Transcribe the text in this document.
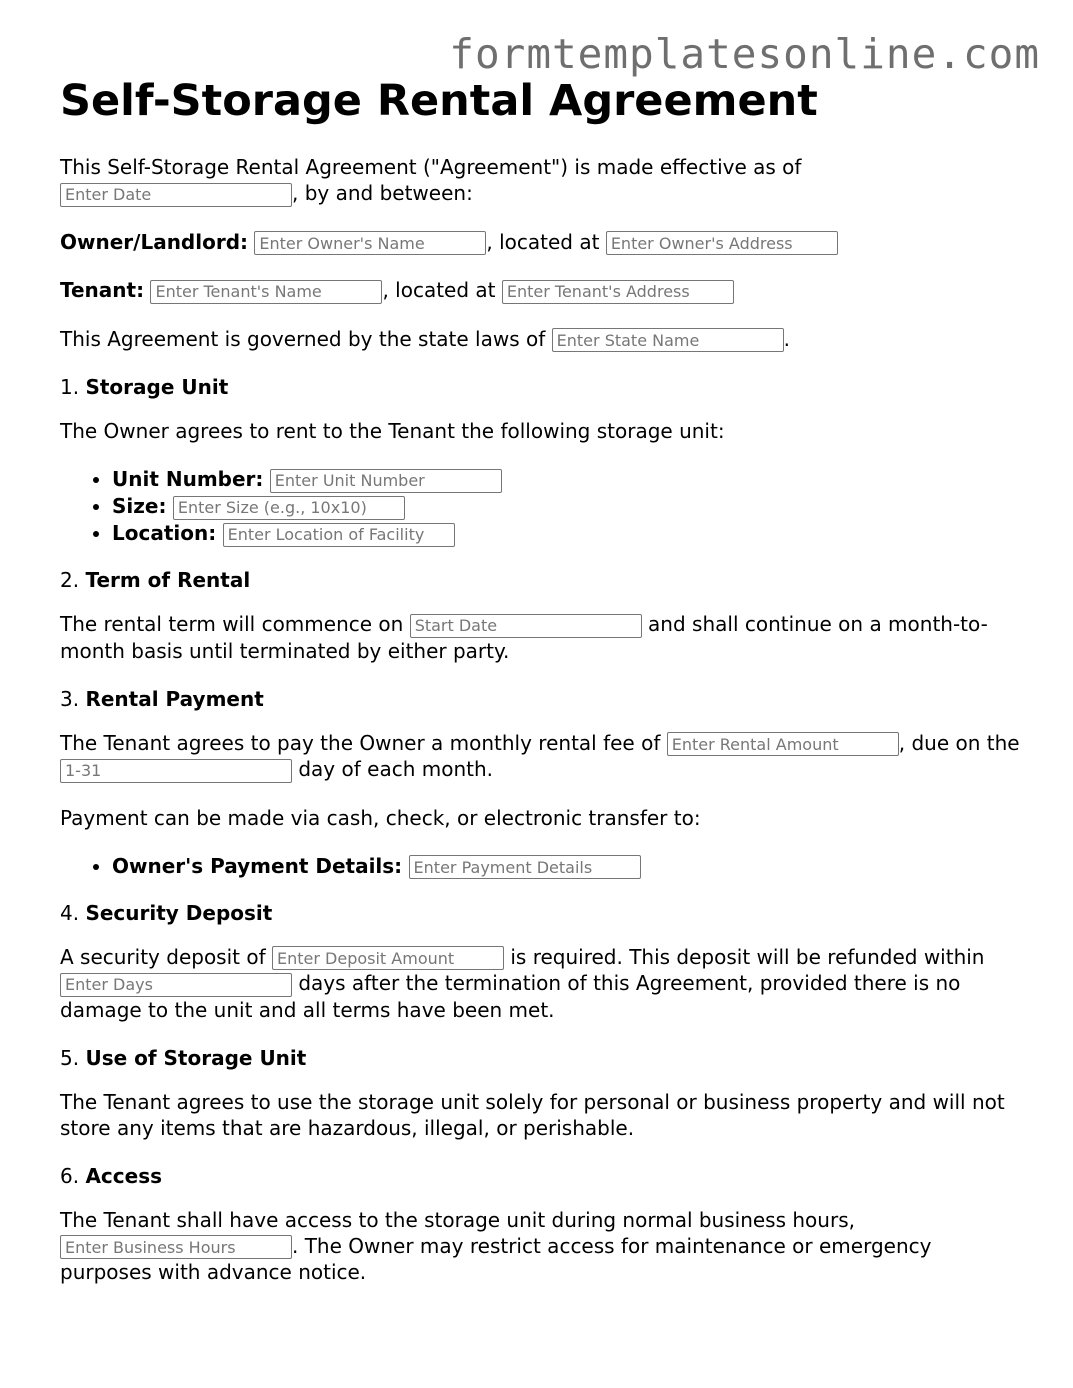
formtemplatesonline.com
Self-Storage Rental Agreement

This Self-Storage Rental Agreement ("Agreement") is made effective as of
Enter Date, by and between:

Owner/Landlord: Enter Owner's Name	, located at Enter Owner's Address

Tenant: Enter Tenant's Name	, located at Enter Tenant's Address

This Agreement is governed by the state laws of Enter State Name	.

1. Storage Unit

The Owner agrees to rent to the Tenant the following storage unit:

• Unit Number: Enter Unit Number
• Size: Enter Size (e.g., 10x10)
• Location: Enter Location of Facility
2. Term of Rental

The rental term will commence on Start Date	and shall continue on a month-to-month basis until terminated by either party.

3. Rental Payment

The Tenant agrees to pay the Owner a monthly rental fee of Enter Rental Amount	, due on the 1-31 day of each month.

Payment can be made via cash, check, or electronic transfer to:

• Owner's Payment Details: Enter Payment Details
4. Security Deposit

A security deposit of Enter Deposit Amount	is required. This deposit will be refunded within Enter Days days after the termination of this Agreement, provided there is no damage to the unit and all terms have been met.

5. Use of Storage Unit

The Tenant agrees to use the storage unit solely for personal or business property and will not store any items that are hazardous, illegal, or perishable.

6. Access

The Tenant shall have access to the storage unit during normal business hours, Enter Business Hours. The Owner may restrict access for maintenance or emergency purposes with advance notice.
